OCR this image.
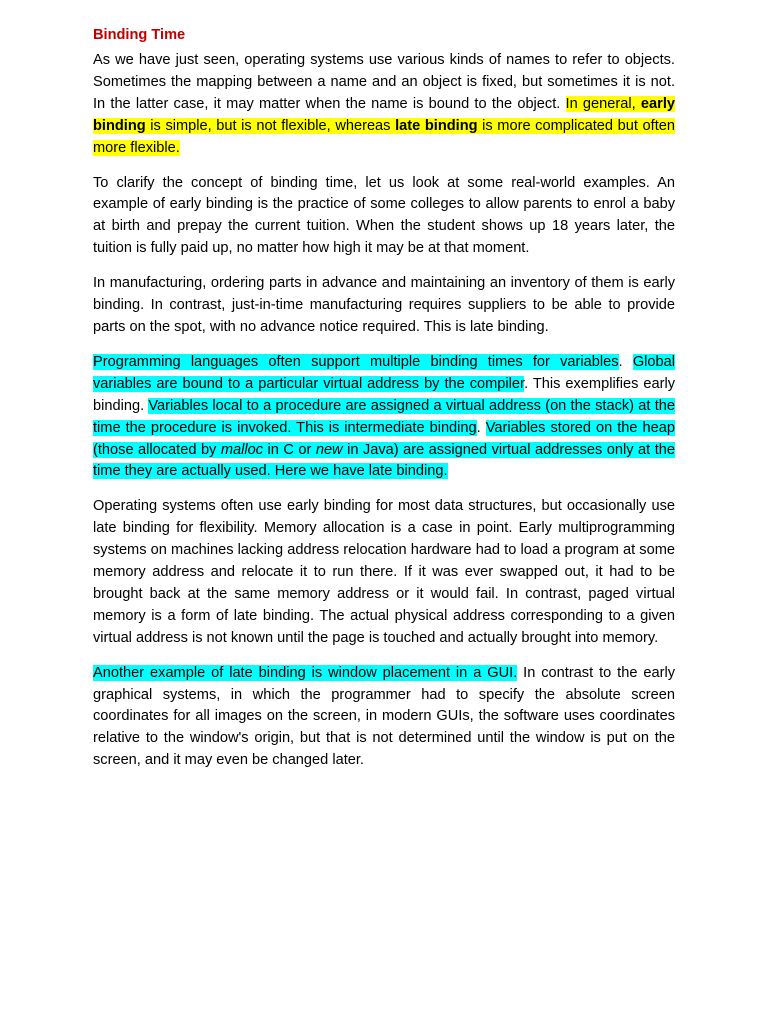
Binding Time

As we have just seen, operating systems use various kinds of names to refer to objects. Sometimes the mapping between a name and an object is fixed, but sometimes it is not. In the latter case, it may matter when the name is bound to the object. In general, early binding is simple, but is not flexible, whereas late binding is more complicated but often more flexible.

To clarify the concept of binding time, let us look at some real-world examples. An example of early binding is the practice of some colleges to allow parents to enrol a baby at birth and prepay the current tuition. When the student shows up 18 years later, the tuition is fully paid up, no matter how high it may be at that moment.

In manufacturing, ordering parts in advance and maintaining an inventory of them is early binding. In contrast, just-in-time manufacturing requires suppliers to be able to provide parts on the spot, with no advance notice required. This is late binding.

Programming languages often support multiple binding times for variables. Global variables are bound to a particular virtual address by the compiler. This exemplifies early binding. Variables local to a procedure are assigned a virtual address (on the stack) at the time the procedure is invoked. This is intermediate binding. Variables stored on the heap (those allocated by malloc in C or new in Java) are assigned virtual addresses only at the time they are actually used. Here we have late binding.

Operating systems often use early binding for most data structures, but occasionally use late binding for flexibility. Memory allocation is a case in point. Early multiprogramming systems on machines lacking address relocation hardware had to load a program at some memory address and relocate it to run there. If it was ever swapped out, it had to be brought back at the same memory address or it would fail. In contrast, paged virtual memory is a form of late binding. The actual physical address corresponding to a given virtual address is not known until the page is touched and actually brought into memory.

Another example of late binding is window placement in a GUI. In contrast to the early graphical systems, in which the programmer had to specify the absolute screen coordinates for all images on the screen, in modern GUIs, the software uses coordinates relative to the window's origin, but that is not determined until the window is put on the screen, and it may even be changed later.
